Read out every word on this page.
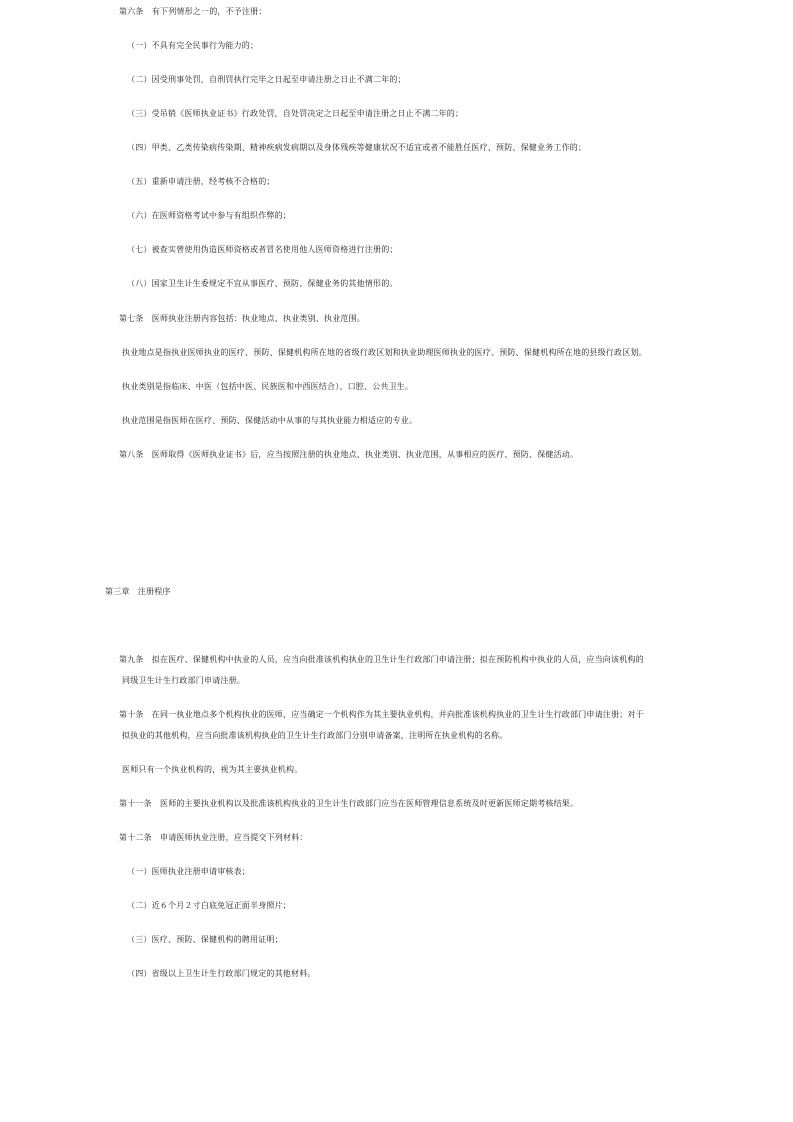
第六条　有下列情形之一的，不予注册：
（一）不具有完全民事行为能力的；
（二）因受刑事处罚，自刑罚执行完毕之日起至申请注册之日止不满二年的；
（三）受吊销《医师执业证书》行政处罚，自处罚决定之日起至申请注册之日止不满二年的；
（四）甲类、乙类传染病传染期、精神疾病发病期以及身体残疾等健康状况不适宜或者不能胜任医疗、预防、保健业务工作的；
（五）重新申请注册，经考核不合格的；
（六）在医师资格考试中参与有组织作弊的；
（七）被查实曾使用伪造医师资格或者冒名使用他人医师资格进行注册的；
（八）国家卫生计生委规定不宜从事医疗、预防、保健业务的其他情形的。
第七条　医师执业注册内容包括：执业地点、执业类别、执业范围。
执业地点是指执业医师执业的医疗、预防、保健机构所在地的省级行政区划和执业助理医师执业的医疗、预防、保健机构所在地的县级行政区划。
执业类别是指临床、中医（包括中医、民族医和中西医结合）、口腔、公共卫生。
执业范围是指医师在医疗、预防、保健活动中从事的与其执业能力相适应的专业。
第八条　医师取得《医师执业证书》后，应当按照注册的执业地点、执业类别、执业范围，从事相应的医疗、预防、保健活动。
第三章　注册程序
第九条　拟在医疗、保健机构中执业的人员，应当向批准该机构执业的卫生计生行政部门申请注册；拟在预防机构中执业的人员，应当向该机构的
同级卫生计生行政部门申请注册。
第十条　在同一执业地点多个机构执业的医师，应当确定一个机构作为其主要执业机构，并向批准该机构执业的卫生计生行政部门申请注册；对于
拟执业的其他机构，应当向批准该机构执业的卫生计生行政部门分别申请备案，注明所在执业机构的名称。
医师只有一个执业机构的，视为其主要执业机构。
第十一条　医师的主要执业机构以及批准该机构执业的卫生计生行政部门应当在医师管理信息系统及时更新医师定期考核结果。
第十二条　申请医师执业注册，应当提交下列材料：
（一）医师执业注册申请审核表；
（二）近６个月２寸白底免冠正面半身照片；
（三）医疗、预防、保健机构的聘用证明；
（四）省级以上卫生计生行政部门规定的其他材料。
